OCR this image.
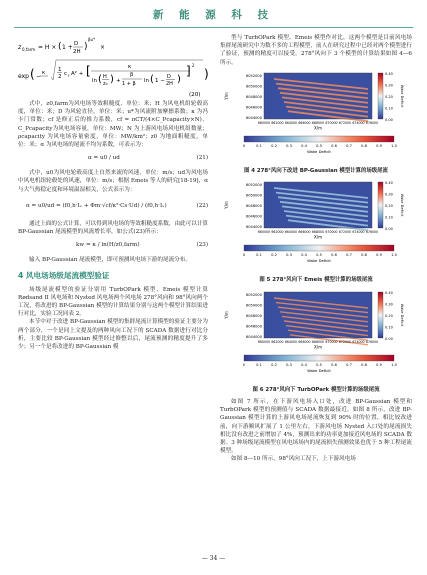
新 能 源 科 技
z 0,farm = H × ( 1 + D
2H )
βu*
×
exp ( − κ 1
2 c f A² + [	κ
ln ( H
z₀ ) +
β
1 + β ln ( 1 −
D
2H )
] 2
)
(20)

式中，z0,farm为风电场等效粗糙度，单位：米；H 为风电机组轮毂高度，单位：米；D 为风轮直径，单位：米；u*为风流附加摩擦系数；κ 为冯卡门常数；cf 是修正后的推力系数，cf = πCT/(4×C_Pcapacity×N)，C_Pcapacity为风电场容量，单位：MW；N 为上游风电场风电机组数量；ρcapacity 为风电场容量密度，单位：MW/km²；z0 为地面粗糙度，单位：米；α 为风电场的尾流不均匀系数，可表示为：

α = u0 / ud	(21)

式中，u0为风电轮毂高度上自然来流的风速，单位：m/s；ud为风电场中风电机组轮毂处的风速，单位：m/s；根据 Emeis 等人的研究[18-19]，α 与大气热稳定度和环境温湿相关，公式表示为：

α = u0/ud = (f0,h·Iₓ + Φm·√cf/κ²·Cs·Ud) / (f0,h·Iₓ)	(22)

通过上面的公式计算，可以得到风电场的等效粗糙度系数，由此可以计算 BP-Gaussian 尾流模型的风流增长率，如公式(23)所示：

kw = κ / ln(H/z0,farm)	(23)

输入 BP-Gaussian 尾流模型，即可预测风电场下游的尾流分布。

4 风电场场级尾流模型验证

场级尾流模型的验证分别用 TurbOPark 模型、Emeis 模型计算 Rødsand II 风电场和 Nysted 风电场两个风电场 278°风向和 98°风向两个工况，将改进的 BP-Gaussian 模型的计算结果分别与这两个模型计算结果进行对比，实验工况同表 2。

本节中对于改进 BP-Gaussian 模型的集群尾流计算模型的验证主要分为两个部分，一个是同上文提及的两种风向工况下的 SCADA 数据进行对比分析，主要比较 BP-Gaussian 模型经过修整以后，尾流预测的精度提升了多少；另一个是将改进的 BP-Gaussian 模

型与 TurbOPark 模型、Emeis 模型作对比，这两个模型是目前风电场集群尾流研究中为数不多的工程模型，前人在研究过程中已经对两个模型进行了验证，预测的精度可以接受。278°风向下 3 个模型的计算结果如图 4—6 所示。

6052000
6050000
6048000
6046000
6044000
Y/m
660000 662000 664000 666000 668000 670000 672000 674000 676000
X/m
0.40
0.30
0.20
0.10
0.00
Wake Deficit
0	0.1	0.2	0.3	0.4	0.5	0.6	0.7	0.8	0.9	1.0
Wake Deficit
图 4 278°风向下改进 BP-Gaussian 模型计算的场级尾流
6052000
6050000
6048000
6046000
6044000
Y/m
660000 662000 664000 666000 668000 670000 672000 674000 676000
X/m
0.40
0.30
0.20
0.10
0.00
Wake Deficit
0	0.1	0.2	0.3	0.4	0.5	0.6	0.7	0.8	0.9	1.0
Wake Deficit
图 5 278°风向下 Emeis 模型计算的场级尾流
6052000
6050000
6048000
6046000
6044000
Y/m
660000 662000 664000 666000 668000 670000 672000 674000 676000
X/m
0.40
0.30
0.20
0.10
0.00
Wake Deficit
0	0.1	0.2	0.3	0.4	0.5	0.6	0.7	0.8	0.9	1.0
Wake Deficit
图 6 278°风向下 TurbOPark 模型计算的场级尾流

如图 7 所示，在下游风电场入口处，改进 BP-Gaussian 模型和 TurbOPark 模型的预测值与 SCADA 数据最接近。如图 8 所示，改进 BP-Gaussian 模型计算的上游风电场尾流恢复到 90% 时的位置，相比较改进前，向下游顺风扩展了 1 公里左右。下游风电场 Nysted 入口处的尾流损失相比没有改进之前增加了 4%，预测出来的功率更加接近风电场的 SCADA 数据。3 种场级尾流模型在风电场场内的尾流损失预测效果也优于 5 种工程尾流模型。

如图 8—10 所示，98°风向工况下，上下游风电场

— 34 —
